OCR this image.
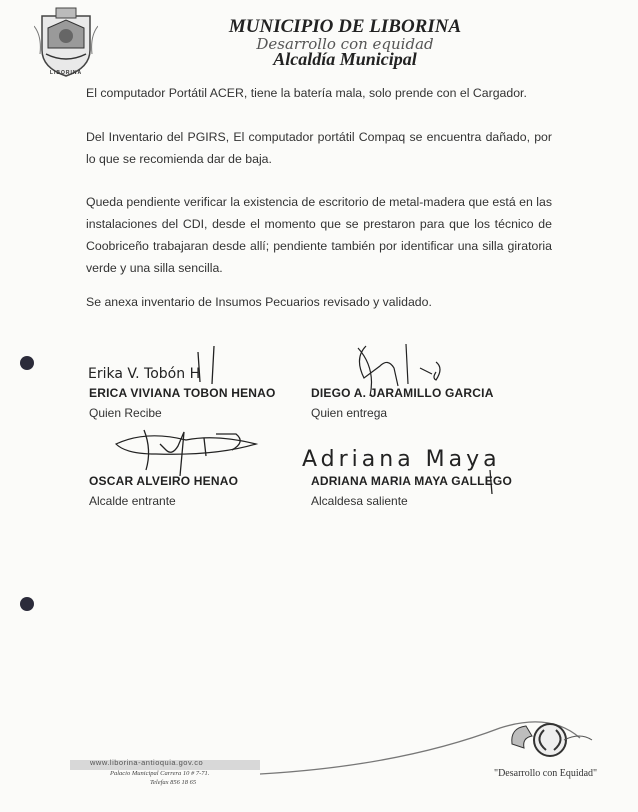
LIBORINA
MUNICIPIO DE LIBORINA
Desarrollo con equidad
Alcaldía Municipal

El computador Portátil ACER, tiene la batería mala, solo prende con el Cargador.

Del Inventario del PGIRS, El computador portátil Compaq se encuentra dañado, por lo que se recomienda dar de baja.

Queda pendiente verificar la existencia de escritorio de metal-madera que está en las instalaciones del CDI, desde el momento que se prestaron para que los técnico de Coobriceño trabajaran desde allí; pendiente también por identificar una silla giratoria verde y una silla sencilla.

Se anexa inventario de Insumos Pecuarios revisado y validado.

Erika V. Tobón H
Adriana Maya
ERICA VIVIANA TOBON HENAO
Quien Recibe
DIEGO A. JARAMILLO GARCIA
Quien entrega
OSCAR ALVEIRO HENAO
Alcalde entrante
ADRIANA MARIA MAYA GALLEGO
Alcaldesa saliente
www.liborina-antioquia.gov.co
Palacio Municipal Carrera 10 # 7-71.
Telefax 856 18 65
"Desarrollo con Equidad"
